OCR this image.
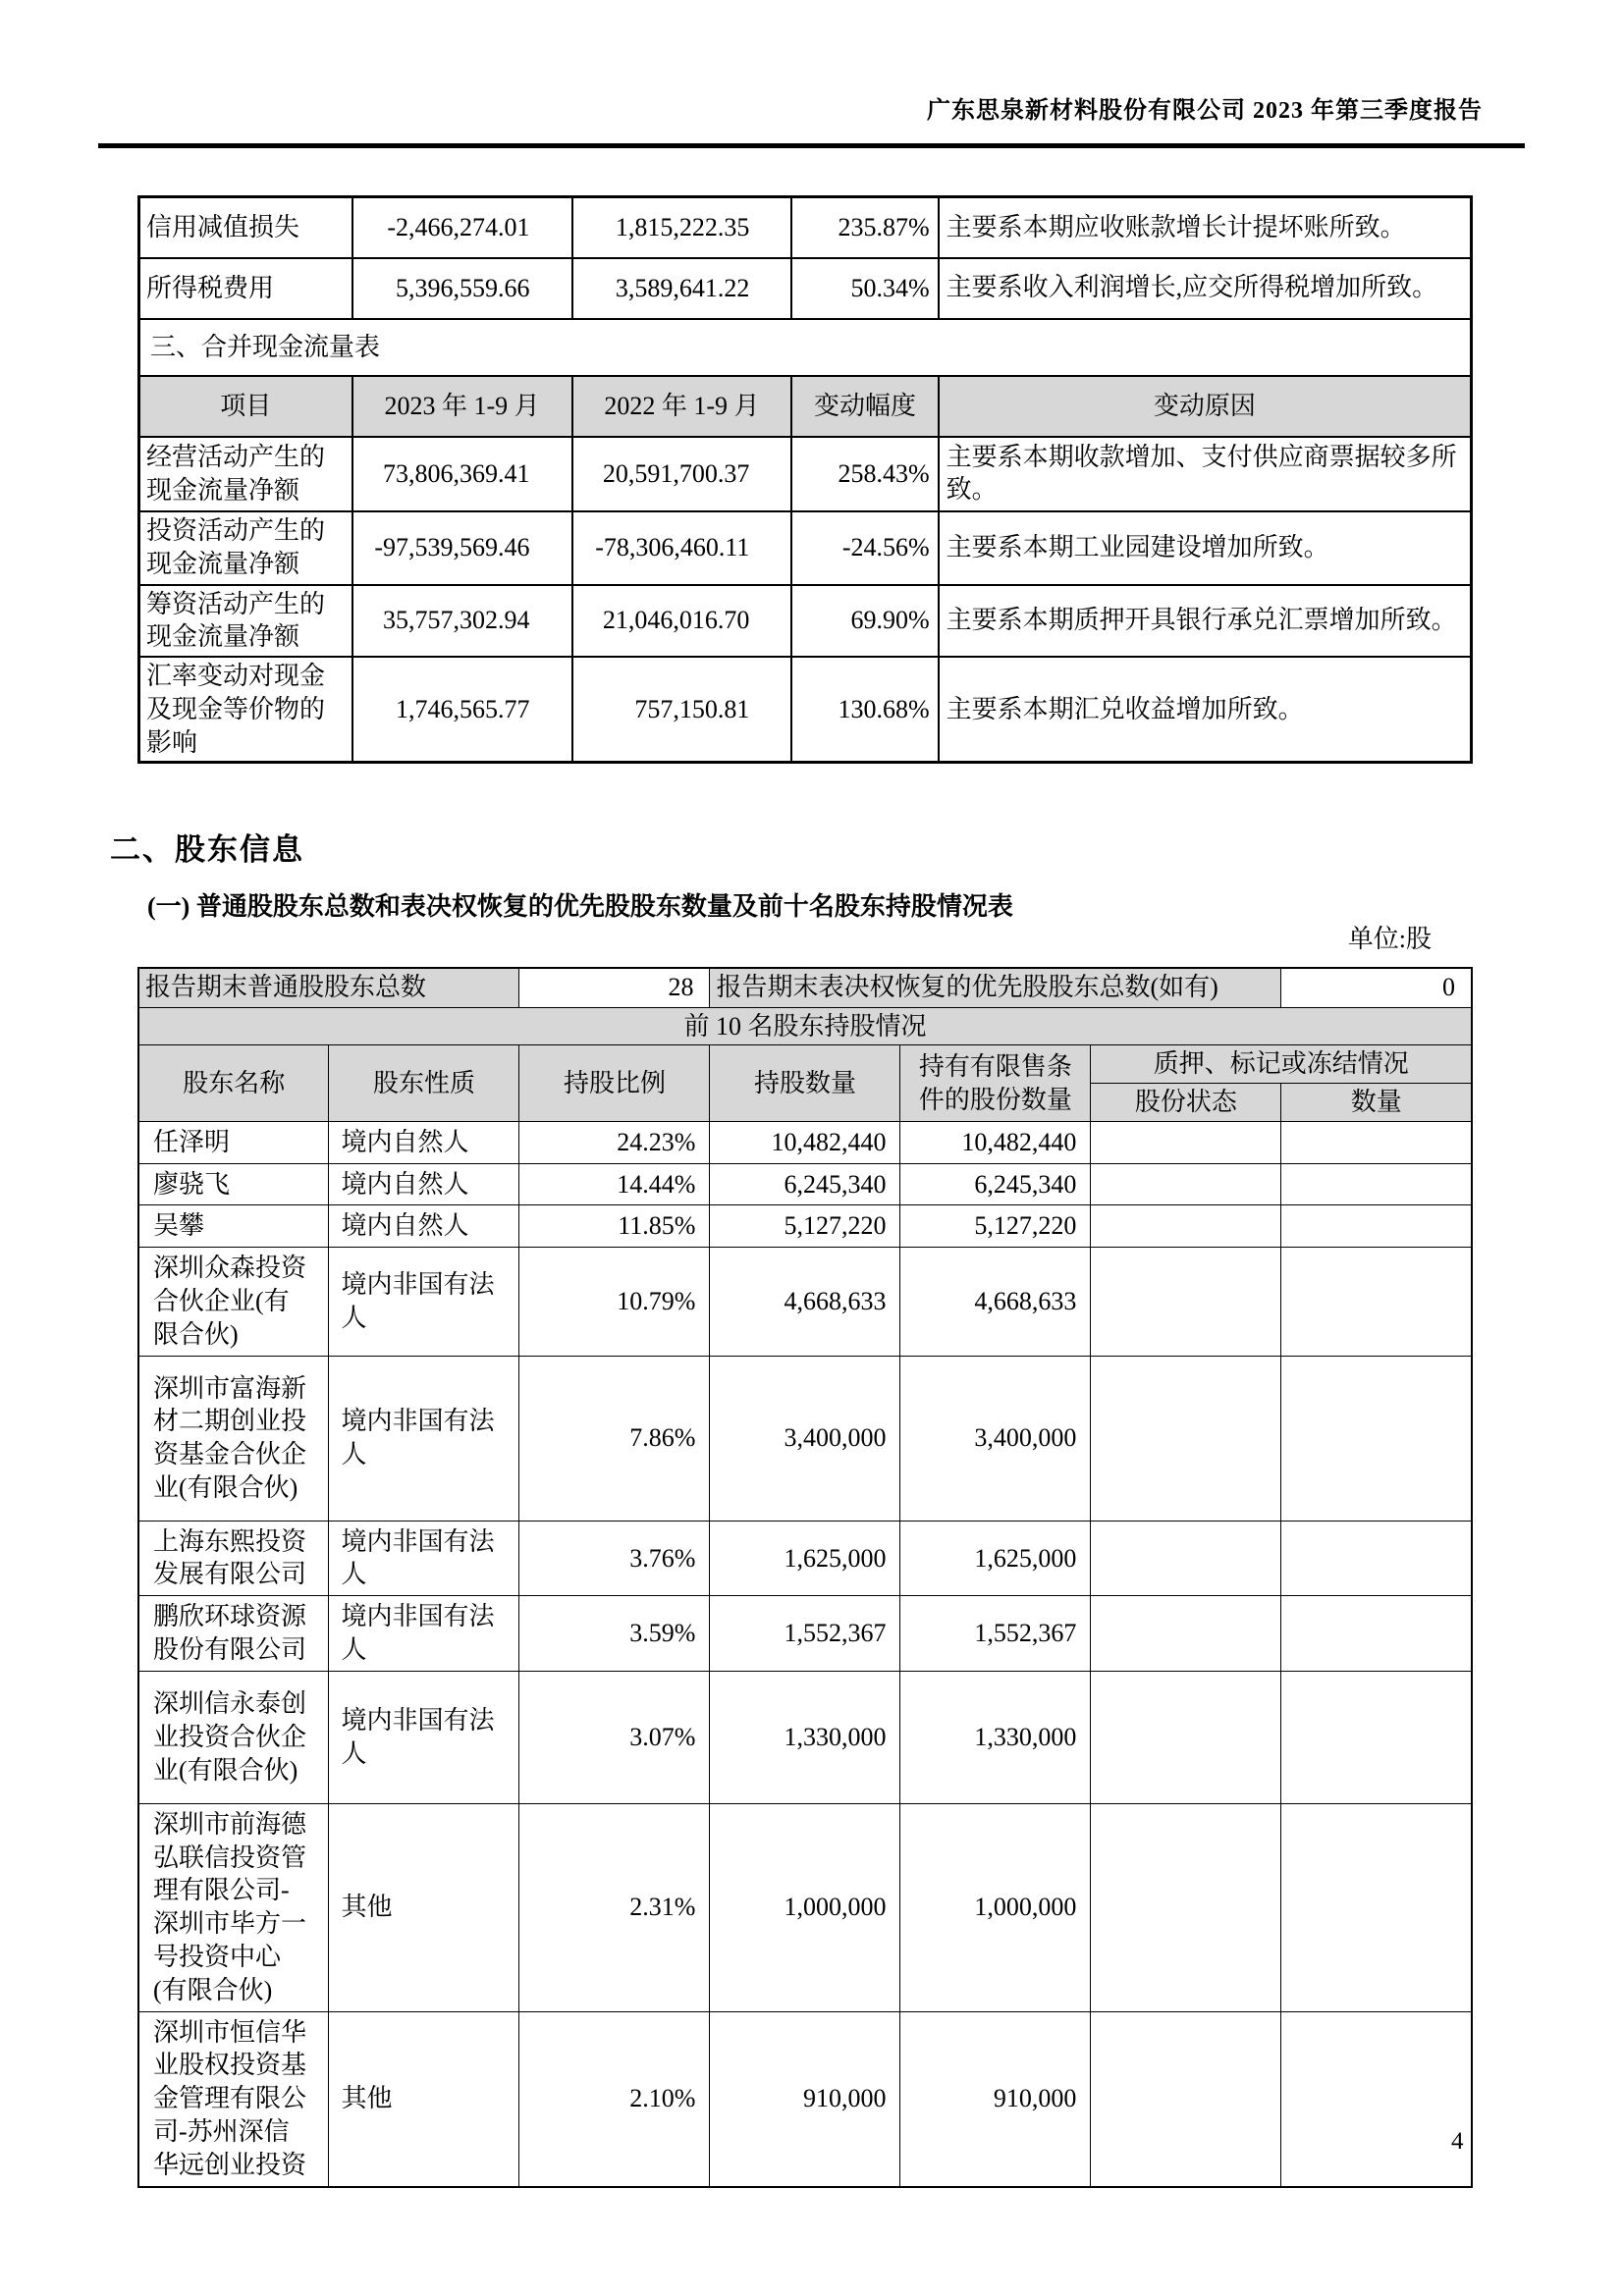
广东思泉新材料股份有限公司 2023 年第三季度报告
信用减值损失	-2,466,274.01	1,815,222.35	235.87%	主要系本期应收账款增长计提坏账所致。
所得税费用	5,396,559.66	3,589,641.22	50.34%	主要系收入利润增长,应交所得税增加所致。
三、合并现金流量表				
项目	2023 年 1-9 月	2022 年 1-9 月	变动幅度	变动原因
经营活动产生的现金流量净额	73,806,369.41	20,591,700.37	258.43%	主要系本期收款增加、支付供应商票据较多所致。
投资活动产生的现金流量净额	-97,539,569.46	-78,306,460.11	-24.56%	主要系本期工业园建设增加所致。
筹资活动产生的现金流量净额	35,757,302.94	21,046,016.70	69.90%	主要系本期质押开具银行承兑汇票增加所致。
汇率变动对现金及现金等价物的影响	1,746,565.77	757,150.81	130.68%	主要系本期汇兑收益增加所致。
二、股东信息
(一) 普通股股东总数和表决权恢复的优先股股东数量及前十名股东持股情况表
单位:股
报告期末普通股股东总数		28	报告期末表决权恢复的优先股股东总数(如有)			0
前 10 名股东持股情况						
股东名称	股东性质	持股比例	持股数量	持有有限售条件的股份数量	质押、标记或冻结情况	
					股份状态	数量
任泽明	境内自然人	24.23%	10,482,440	10,482,440		
廖骁飞	境内自然人	14.44%	6,245,340	6,245,340		
吴攀	境内自然人	11.85%	5,127,220	5,127,220		
深圳众森投资合伙企业(有限合伙)	境内非国有法人	10.79%	4,668,633	4,668,633		
深圳市富海新材二期创业投资基金合伙企业(有限合伙)	境内非国有法人	7.86%	3,400,000	3,400,000		
上海东熙投资发展有限公司	境内非国有法人	3.76%	1,625,000	1,625,000		
鹏欣环球资源股份有限公司	境内非国有法人	3.59%	1,552,367	1,552,367		
深圳信永泰创业投资合伙企业(有限合伙)	境内非国有法人	3.07%	1,330,000	1,330,000		
深圳市前海德弘联信投资管理有限公司-深圳市毕方一号投资中心(有限合伙)	其他	2.31%	1,000,000	1,000,000		
深圳市恒信华业股权投资基金管理有限公司-苏州深信华远创业投资	其他	2.10%	910,000	910,000		
4
